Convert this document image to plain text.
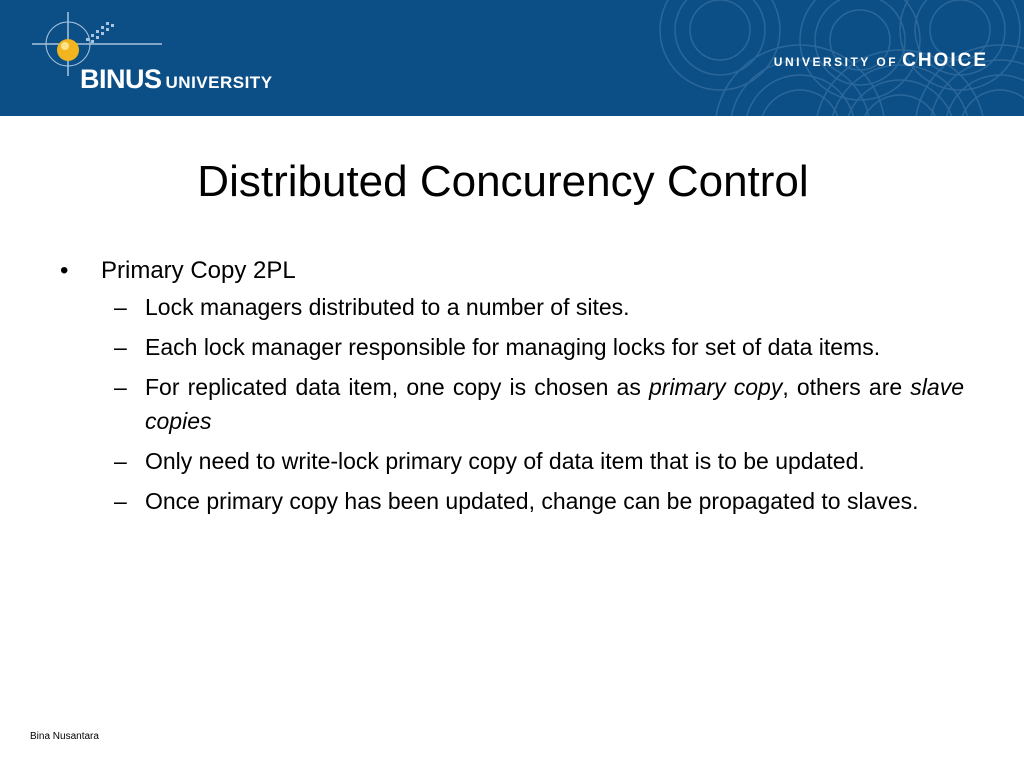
BINUS UNIVERSITY
UNIVERSITY OF CHOICE
Distributed Concurency Control
•	Primary Copy 2PL
– Lock managers distributed to a number of sites.
– Each lock manager responsible for managing locks for set of data items.
– For replicated data item, one copy is chosen as primary copy, others are slave copies
– Only need to write-lock primary copy of data item that is to be updated.
– Once primary copy has been updated, change can be propagated to slaves.
Bina Nusantara
